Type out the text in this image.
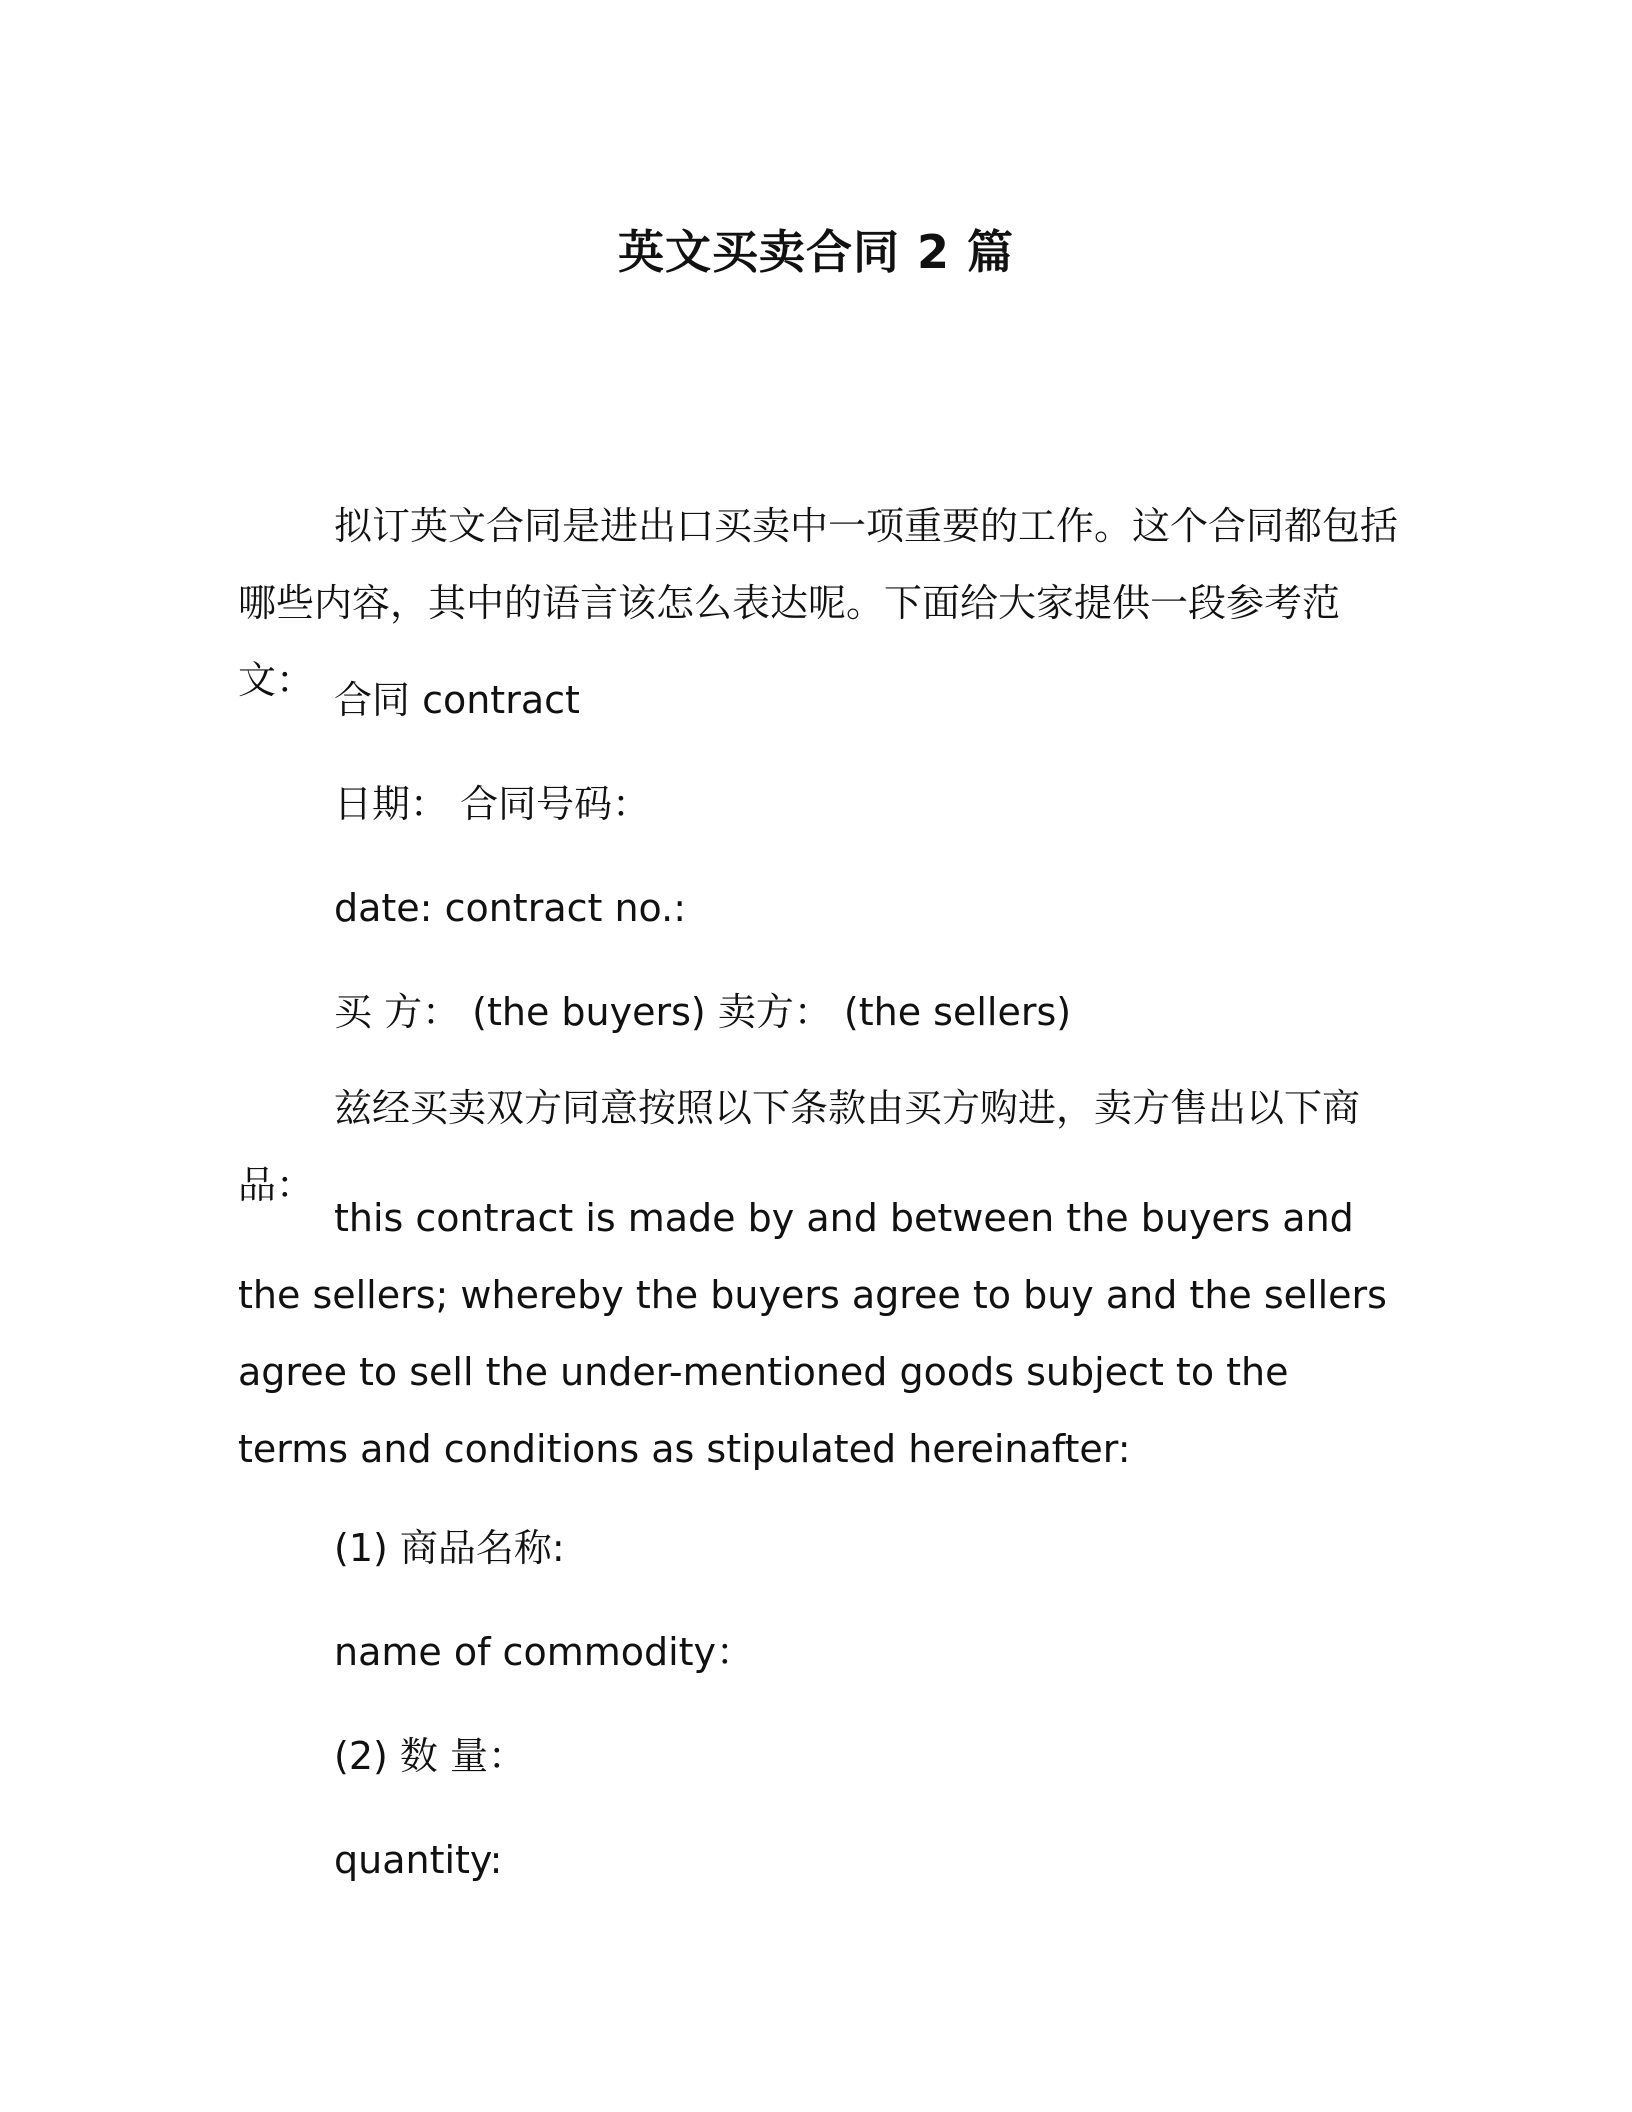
英文买卖合同 2 篇

拟订英文合同是进出口买卖中一项重要的工作。这个合同都包括哪些内容，其中的语言该怎么表达呢。下面给大家提供一段参考范文： 合同 contract

日期： 合同号码：

date: contract no.:

买 方： (the buyers) 卖方： (the sellers)

兹经买卖双方同意按照以下条款由买方购进，卖方售出以下商品：

this contract is made by and between the buyers and the sellers; whereby the buyers agree to buy and the sellers agree to sell the under-mentioned goods subject to the terms and conditions as stipulated hereinafter:

(1) 商品名称:

name of commodity：

(2) 数 量：

quantity:
